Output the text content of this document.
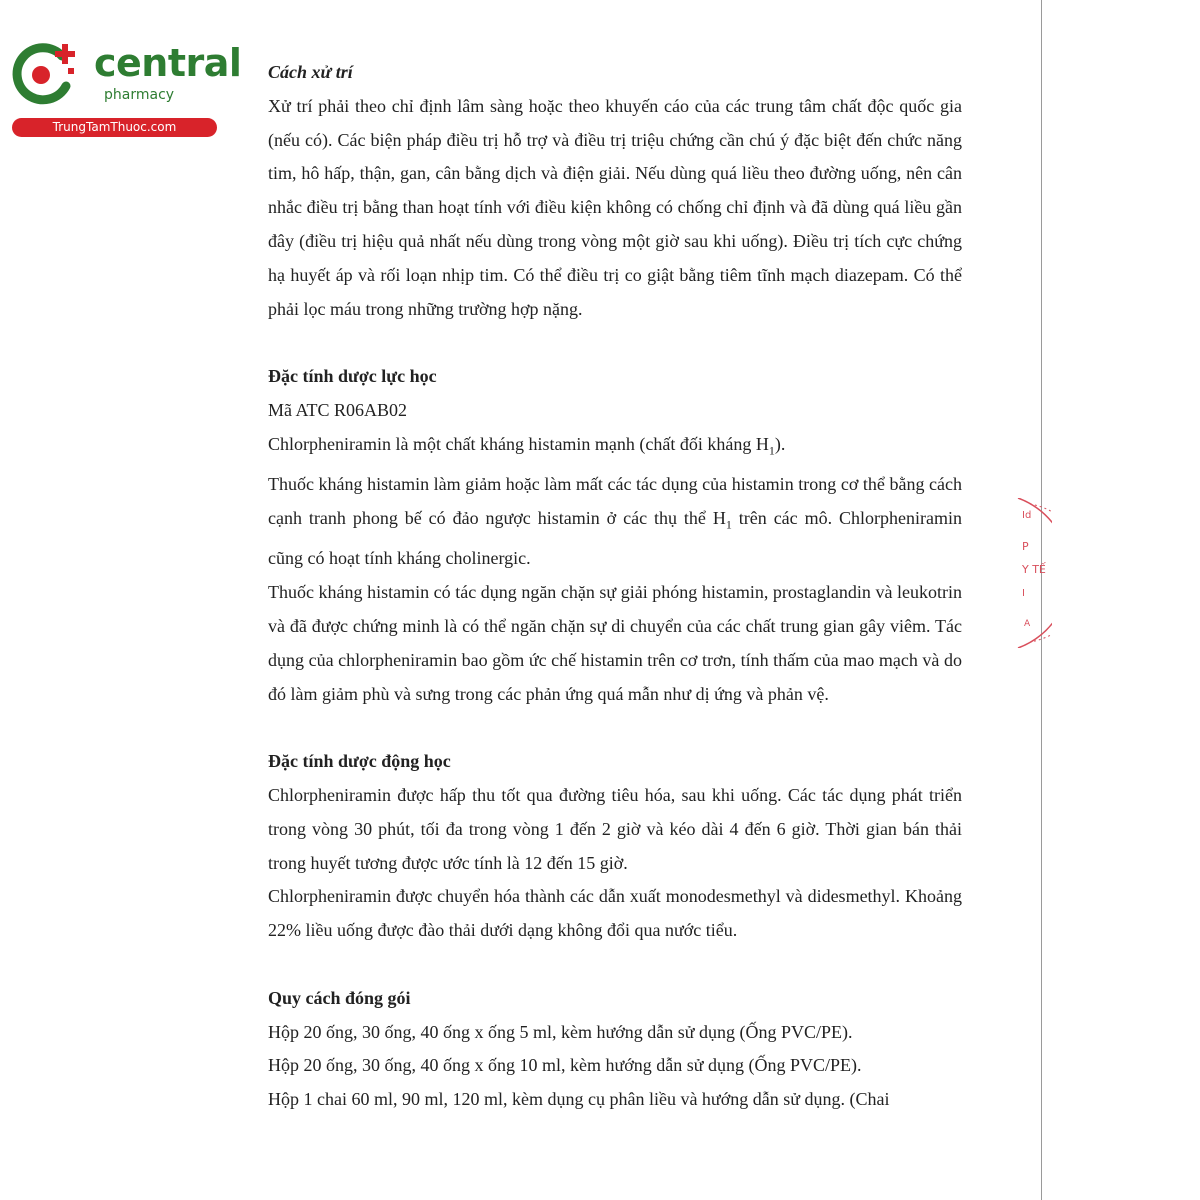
central
pharmacy
TrungTamThuoc.com
Id
P
Y TẾ
I
A
Cách xử trí

Xử trí phải theo chỉ định lâm sàng hoặc theo khuyến cáo của các trung tâm chất độc quốc gia (nếu có). Các biện pháp điều trị hỗ trợ và điều trị triệu chứng cần chú ý đặc biệt đến chức năng tim, hô hấp, thận, gan, cân bằng dịch và điện giải. Nếu dùng quá liều theo đường uống, nên cân nhắc điều trị bằng than hoạt tính với điều kiện không có chống chỉ định và đã dùng quá liều gần đây (điều trị hiệu quả nhất nếu dùng trong vòng một giờ sau khi uống). Điều trị tích cực chứng hạ huyết áp và rối loạn nhịp tim. Có thể điều trị co giật bằng tiêm tĩnh mạch diazepam. Có thể phải lọc máu trong những trường hợp nặng.

Đặc tính dược lực học

Mã ATC R06AB02

Chlorpheniramin là một chất kháng histamin mạnh (chất đối kháng $H_1$).

Thuốc kháng histamin làm giảm hoặc làm mất các tác dụng của histamin trong cơ thể bằng cách cạnh tranh phong bế có đảo ngược histamin ở các thụ thể $H_1$ trên các mô. Chlorpheniramin cũng có hoạt tính kháng cholinergic.

Thuốc kháng histamin có tác dụng ngăn chặn sự giải phóng histamin, prostaglandin và leukotrin và đã được chứng minh là có thể ngăn chặn sự di chuyển của các chất trung gian gây viêm. Tác dụng của chlorpheniramin bao gồm ức chế histamin trên cơ trơn, tính thấm của mao mạch và do đó làm giảm phù và sưng trong các phản ứng quá mẫn như dị ứng và phản vệ.

Đặc tính dược động học

Chlorpheniramin được hấp thu tốt qua đường tiêu hóa, sau khi uống. Các tác dụng phát triển trong vòng 30 phút, tối đa trong vòng 1 đến 2 giờ và kéo dài 4 đến 6 giờ. Thời gian bán thải trong huyết tương được ước tính là 12 đến 15 giờ.

Chlorpheniramin được chuyển hóa thành các dẫn xuất monodesmethyl và didesmethyl. Khoảng 22% liều uống được đào thải dưới dạng không đổi qua nước tiểu.

Quy cách đóng gói

Hộp 20 ống, 30 ống, 40 ống x ống 5 ml, kèm hướng dẫn sử dụng (Ống PVC/PE).

Hộp 20 ống, 30 ống, 40 ống x ống 10 ml, kèm hướng dẫn sử dụng (Ống PVC/PE).

Hộp 1 chai 60 ml, 90 ml, 120 ml, kèm dụng cụ phân liều và hướng dẫn sử dụng. (Chai
